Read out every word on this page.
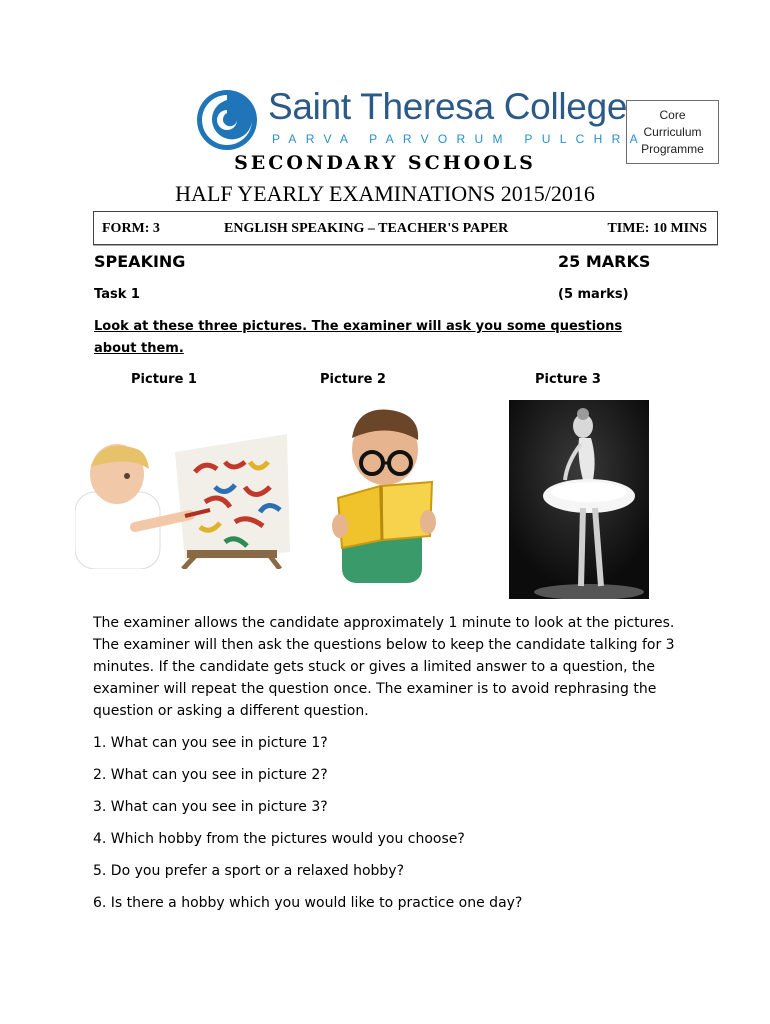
Saint Theresa College
PARVA PARVORUM PULCHRA
Core
Curriculum
Programme
SECONDARY SCHOOLS
HALF YEARLY EXAMINATIONS 2015/2016
FORM: 3	ENGLISH SPEAKING – TEACHER'S PAPER	TIME: 10 MINS
SPEAKING	25 MARKS
Task 1	(5 marks)
Look at these three pictures. The examiner will ask you some questions about them.
Picture 1	Picture 2	Picture 3
The examiner allows the candidate approximately 1 minute to look at the pictures. The examiner will then ask the questions below to keep the candidate talking for 3 minutes. If the candidate gets stuck or gives a limited answer to a question, the examiner will repeat the question once. The examiner is to avoid rephrasing the question or asking a different question.
1. What can you see in picture 1?
2. What can you see in picture 2?
3. What can you see in picture 3?
4. Which hobby from the pictures would you choose?
5. Do you prefer a sport or a relaxed hobby?
6. Is there a hobby which you would like to practice one day?
